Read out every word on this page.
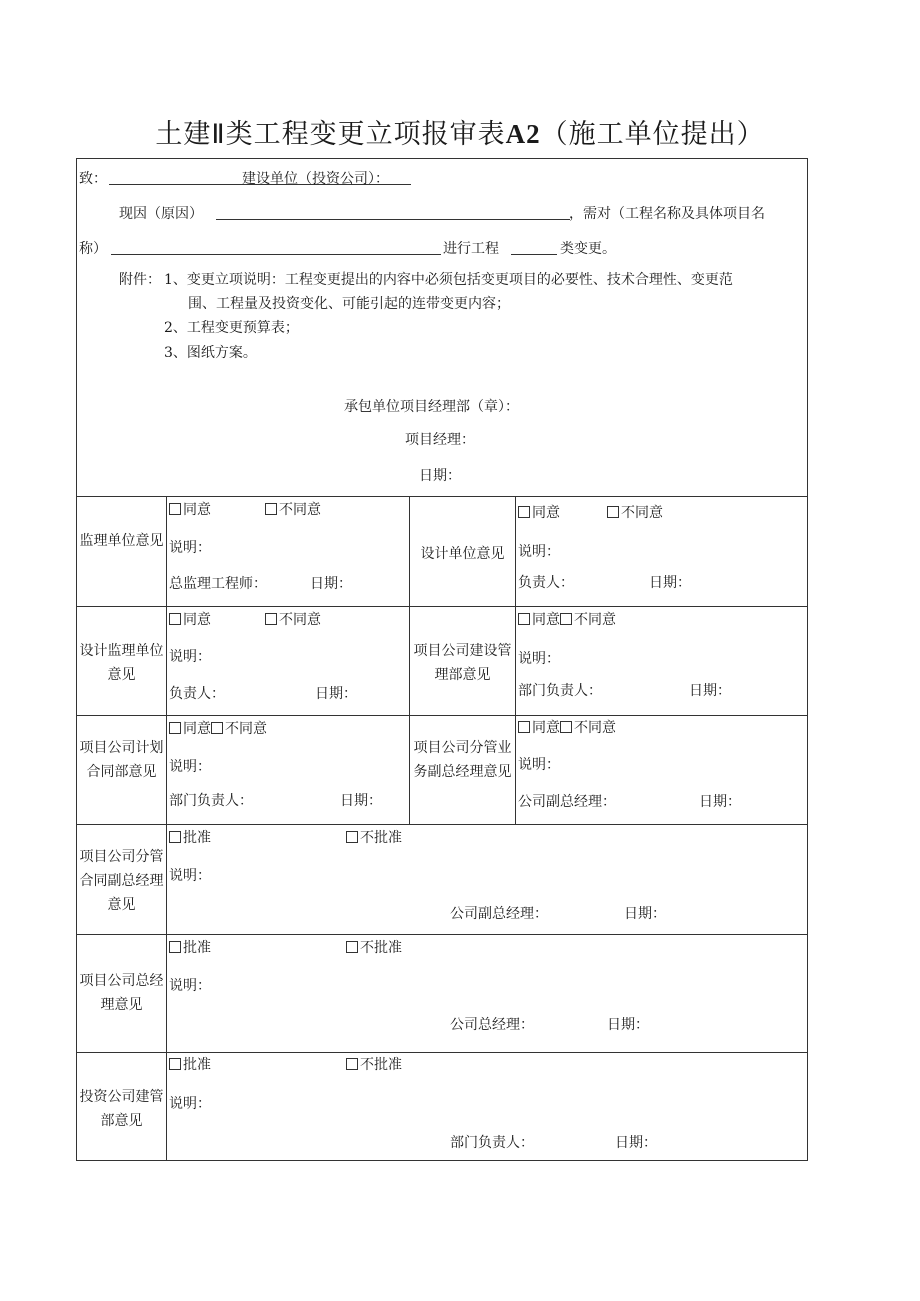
土建Ⅱ类工程变更立项报审表A2（施工单位提出）
致：	建设单位（投资公司）：
现因（原因）	，需对（工程名称及具体项目名
称）	进行工程	类变更。
附件： 1、变更立项说明：工程变更提出的内容中必须包括变更项目的必要性、技术合理性、变更范
围、工程量及投资变化、可能引起的连带变更内容；
2、工程变更预算表；
3、图纸方案。
承包单位项目经理部（章）：
项目经理：
日期：
监理单位意见
同意	不同意
说明：
总监理工程师：	日期：
设计单位意见
同意	不同意
说明：
负责人：	日期：
设计监理单位意见
同意	不同意
说明：
负责人：	日期：
项目公司建设管理部意见
同意 不同意
说明：
部门负责人：	日期：
项目公司计划合同部意见
同意 不同意
说明：
部门负责人：	日期：
项目公司分管业务副总经理意见
同意 不同意
说明：
公司副总经理：	日期：
项目公司分管合同副总经理意见
批准	不批准
说明：
公司副总经理：	日期：
项目公司总经理意见
批准	不批准
说明：
公司总经理：	日期：
投资公司建管部意见
批准	不批准
说明：
部门负责人：	日期：
